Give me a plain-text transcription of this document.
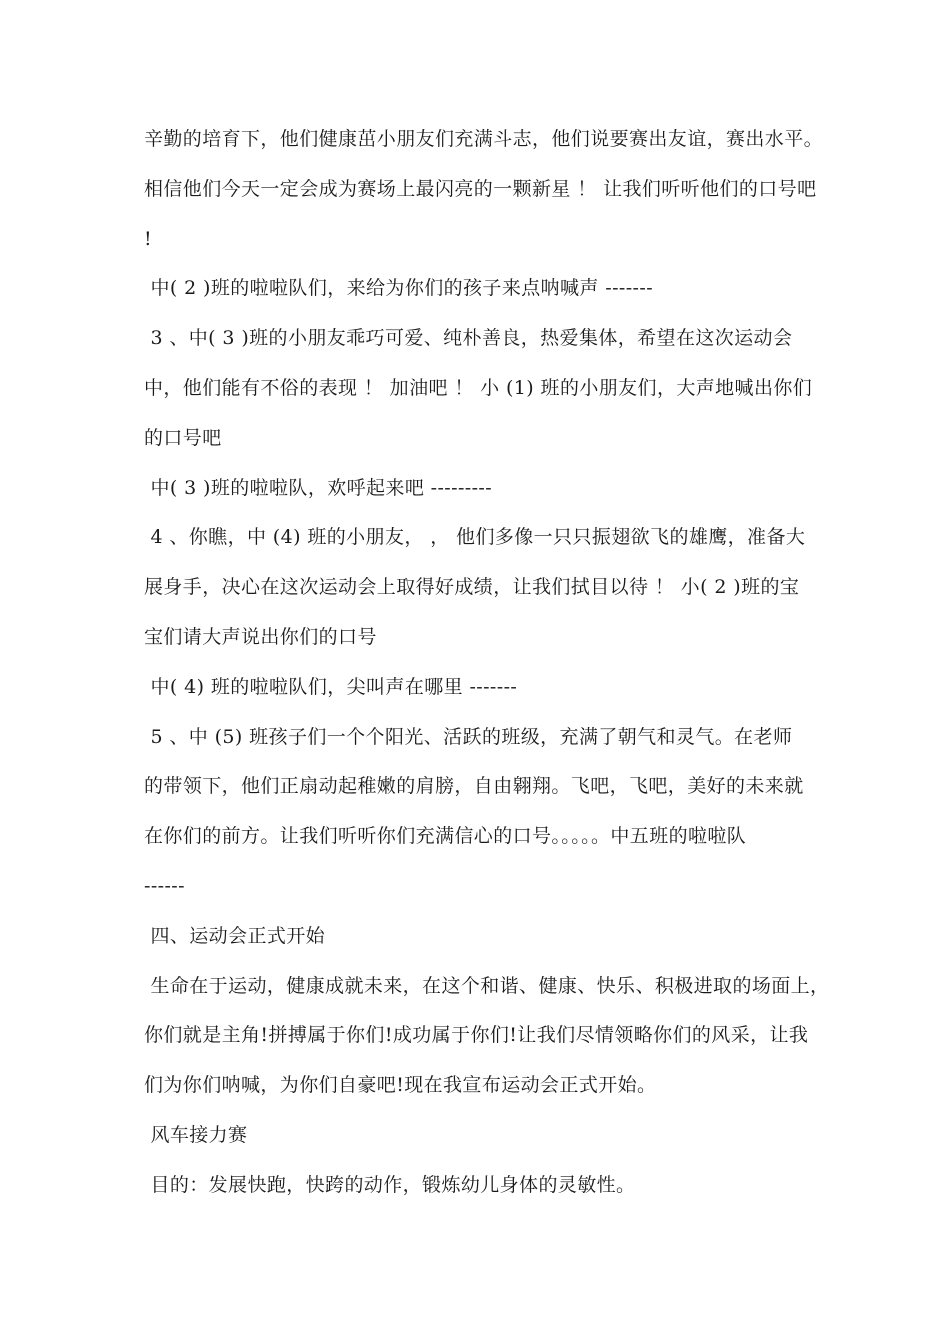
辛勤的培育下，他们健康茁小朋友们充满斗志，他们说要赛出友谊，赛出水平。
相信他们今天一定会成为赛场上最闪亮的一颗新星 ！ 让我们听听他们的口号吧
!
中( 2 )班的啦啦队们，来给为你们的孩子来点呐喊声 -------
3 、中( 3 )班的小朋友乖巧可爱、纯朴善良，热爱集体，希望在这次运动会
中，他们能有不俗的表现 ！ 加油吧 ！ 小 (1) 班的小朋友们，大声地喊出你们
的口号吧
中( 3 )班的啦啦队，欢呼起来吧 ---------
4 、你瞧，中 (4) 班的小朋友， ， 他们多像一只只振翅欲飞的雄鹰，准备大
展身手，决心在这次运动会上取得好成绩，让我们拭目以待 ！ 小( 2 )班的宝
宝们请大声说出你们的口号
中( 4) 班的啦啦队们，尖叫声在哪里 -------
5 、中 (5) 班孩子们一个个阳光、活跃的班级，充满了朝气和灵气。在老师
的带领下，他们正扇动起稚嫩的肩膀，自由翱翔。飞吧，飞吧，美好的未来就
在你们的前方。让我们听听你们充满信心的口号。。。。。中五班的啦啦队
------
四、运动会正式开始
生命在于运动，健康成就未来，在这个和谐、健康、快乐、积极进取的场面上，
你们就是主角!拼搏属于你们!成功属于你们!让我们尽情领略你们的风采，让我
们为你们呐喊，为你们自豪吧!现在我宣布运动会正式开始。
风车接力赛
目的：发展快跑，快跨的动作，锻炼幼儿身体的灵敏性。
